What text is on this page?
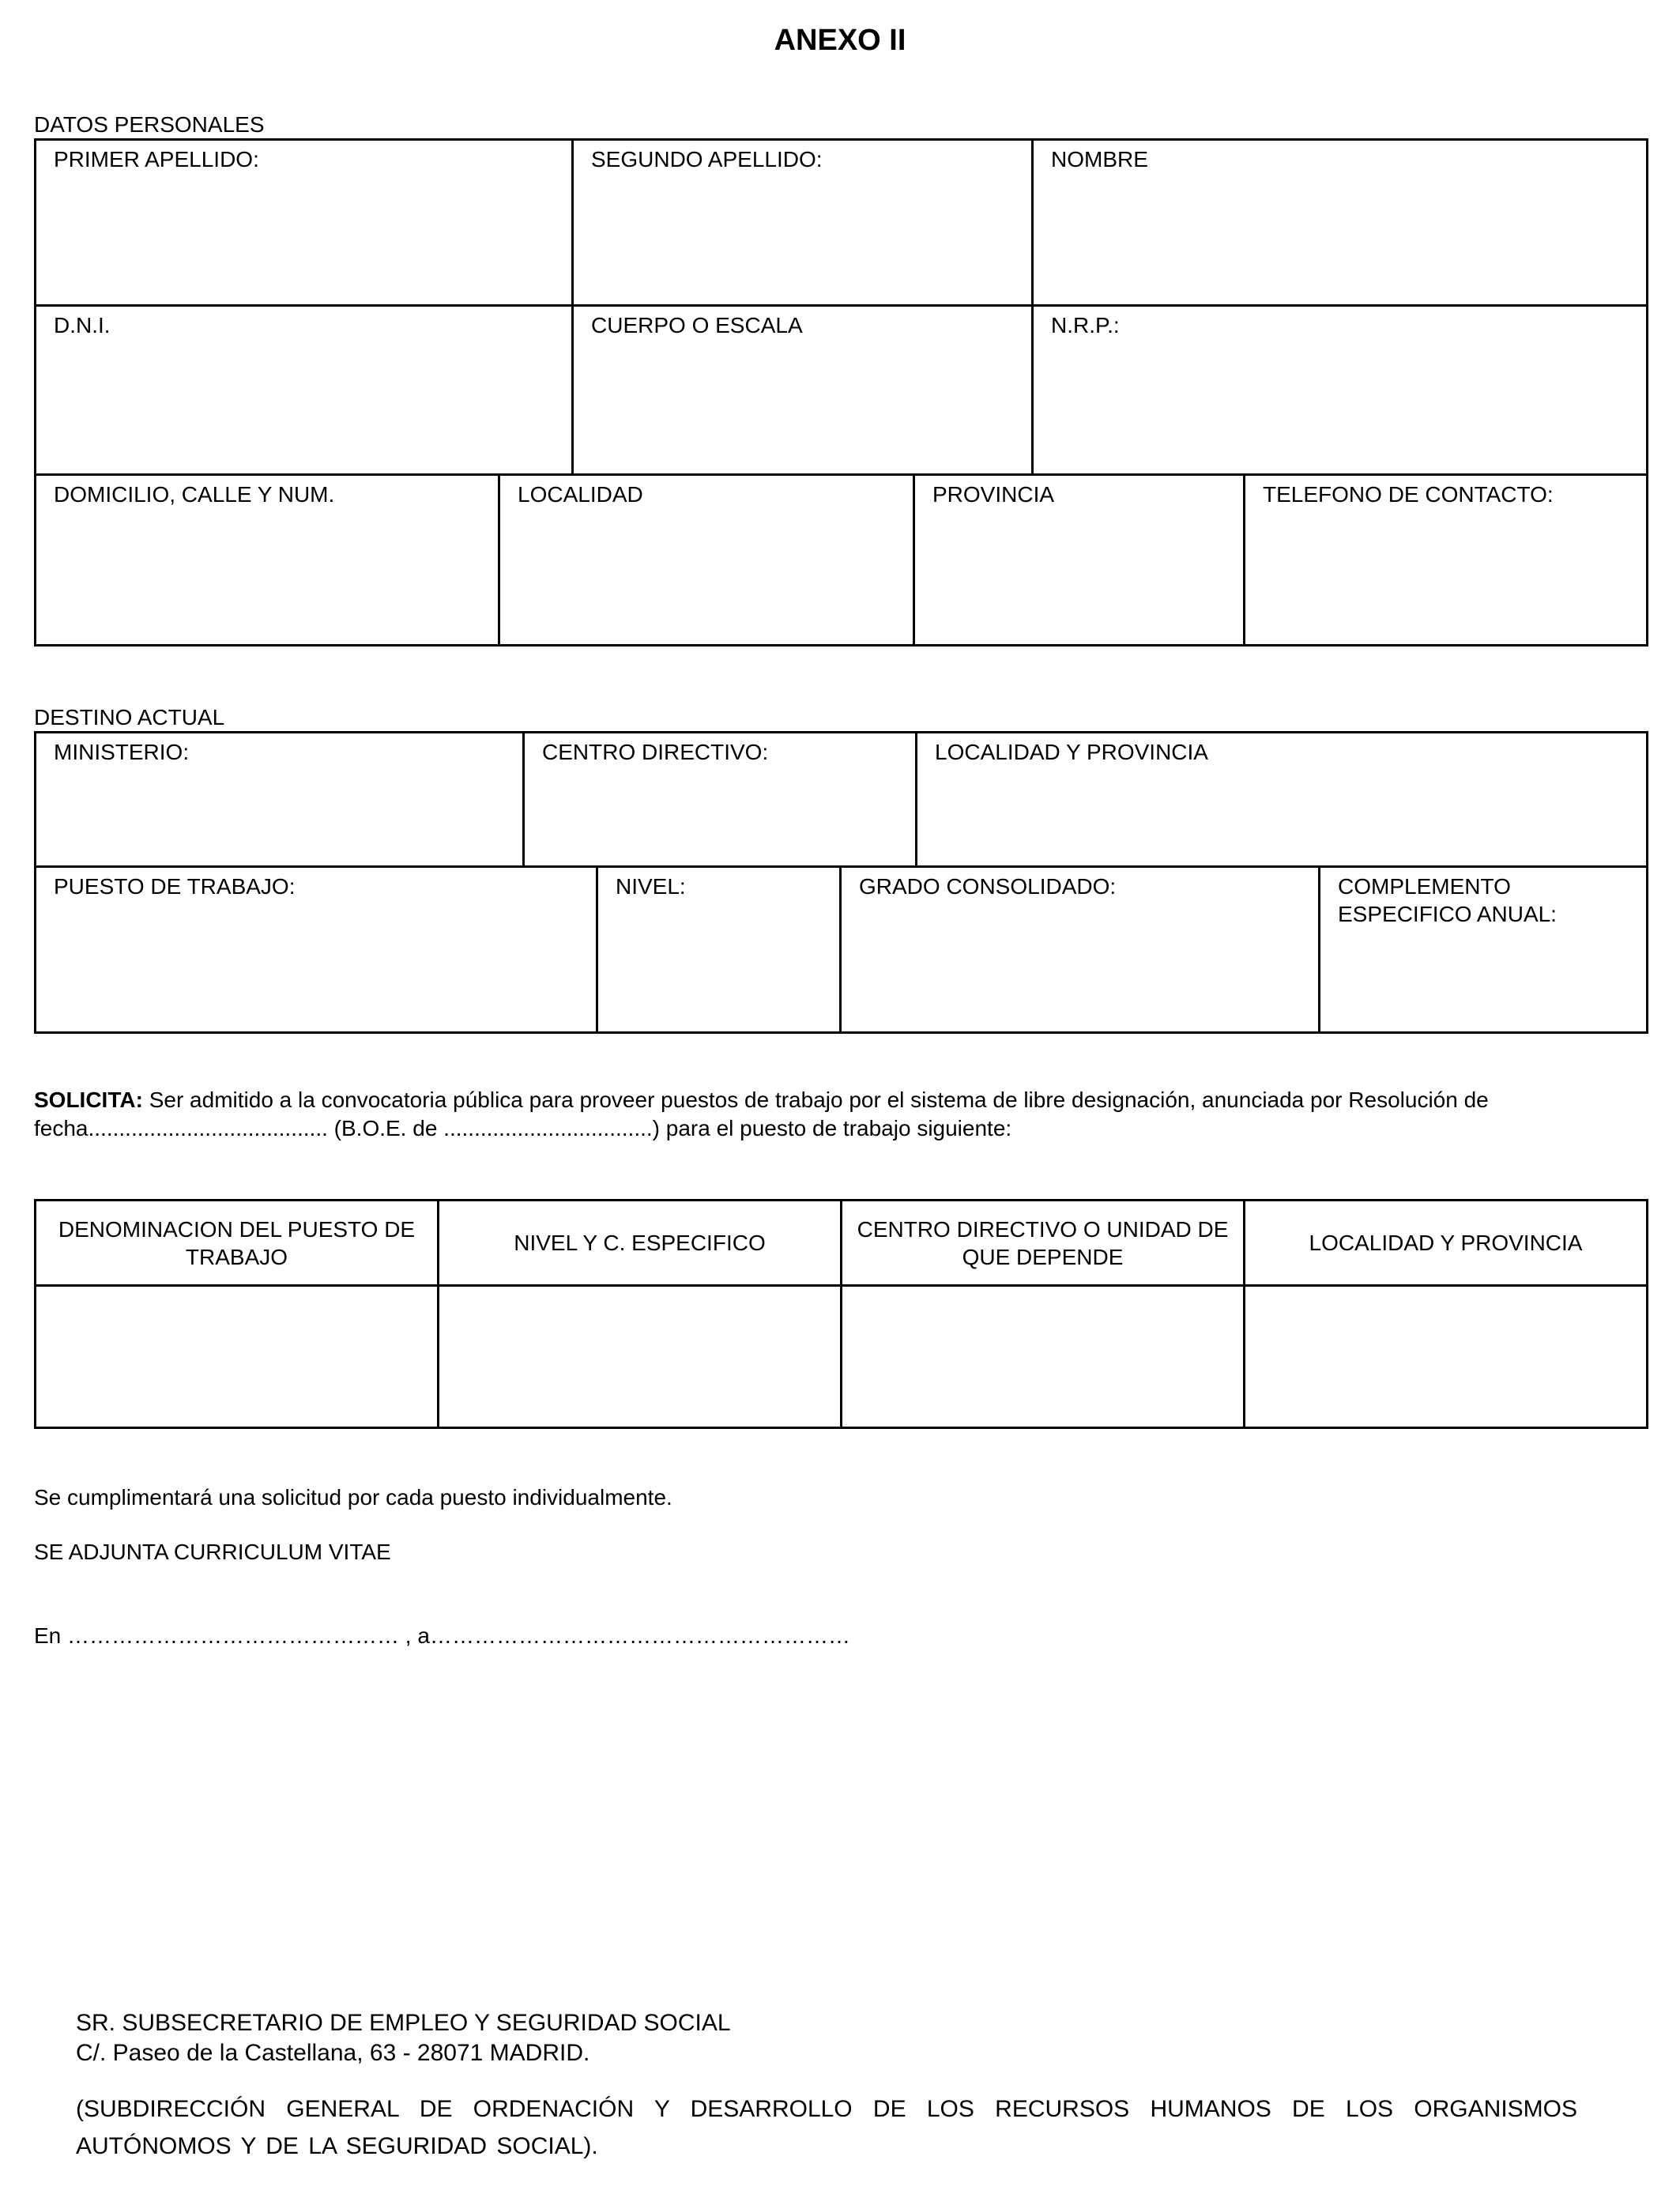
ANEXO II
DATOS PERSONALES
PRIMER APELLIDO:		SEGUNDO APELLIDO:		NOMBRE	
D.N.I.		CUERPO O ESCALA		N.R.P.:	
DOMICILIO, CALLE Y NUM.	LOCALIDAD		PROVINCIA		TELEFONO DE CONTACTO:
DESTINO ACTUAL
MINISTERIO:	CENTRO DIRECTIVO:			LOCALIDAD Y PROVINCIA	
PUESTO DE TRABAJO:		NIVEL:	GRADO CONSOLIDADO:		COMPLEMENTO ESPECIFICO ANUAL:
SOLICITA: Ser admitido a la convocatoria pública para proveer puestos de trabajo por el sistema de libre designación, anunciada por Resolución de fecha....................................... (B.O.E. de ..................................) para el puesto de trabajo siguiente:
DENOMINACION DEL PUESTO DE TRABAJO	NIVEL Y C. ESPECIFICO	CENTRO DIRECTIVO O UNIDAD DE QUE DEPENDE	LOCALIDAD Y PROVINCIA

Se cumplimentará una solicitud por cada puesto individualmente.
SE ADJUNTA CURRICULUM VITAE
En ……………………………………… , a…………………………………………………
SR. SUBSECRETARIO DE EMPLEO Y SEGURIDAD SOCIAL
C/. Paseo de la Castellana, 63 - 28071 MADRID.
(SUBDIRECCIÓN GENERAL DE ORDENACIÓN Y DESARROLLO DE LOS RECURSOS HUMANOS DE LOS ORGANISMOS AUTÓNOMOS Y DE LA SEGURIDAD SOCIAL).
